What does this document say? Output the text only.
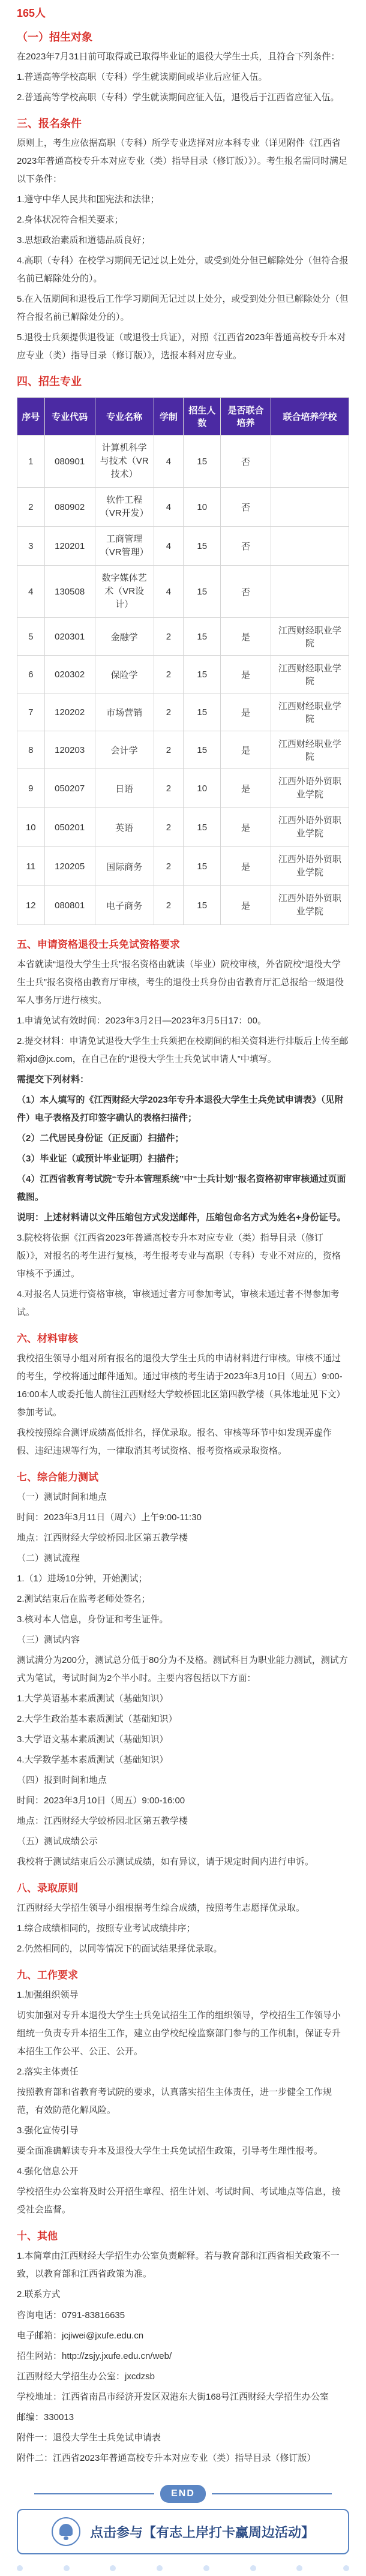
165人
（一）招生对象

在2023年7月31日前可取得或已取得毕业证的退役大学生士兵，且符合下列条件：

1.普通高等学校高职（专科）学生就读期间或毕业后应征入伍。

2.普通高等学校高职（专科）学生就读期间应征入伍，退役后于江西省应征入伍。

三、报名条件

原则上，考生应依据高职（专科）所学专业选择对应本科专业（详见附件《江西省2023年普通高校专升本对应专业（类）指导目录（修订版）》）。考生报名需同时满足以下条件：

1.遵守中华人民共和国宪法和法律；

2.身体状况符合相关要求；

3.思想政治素质和道德品质良好；

4.高职（专科）在校学习期间无记过以上处分，或受到处分但已解除处分（但符合报名前已解除处分的）。

5.在入伍期间和退役后工作学习期间无记过以上处分，或受到处分但已解除处分（但符合报名前已解除处分的）。

5.退役士兵须提供退役证（或退役士兵证），对照《江西省2023年普通高校专升本对应专业（类）指导目录（修订版）》，选报本科对应专业。

四、招生专业
序号	专业代码	专业名称	学制	招生人数	是否联合培养	联合培养学校
1	080901	计算机科学与技术（VR技术）	4	15	否	
2	080902	软件工程（VR开发）	4	10	否	
3	120201	工商管理（VR管理）	4	15	否	
4	130508	数字媒体艺术（VR设计）	4	15	否	
5	020301	金融学	2	15	是	江西财经职业学院
6	020302	保险学	2	15	是	江西财经职业学院
7	120202	市场营销	2	15	是	江西财经职业学院
8	120203	会计学	2	15	是	江西财经职业学院
9	050207	日语	2	10	是	江西外语外贸职业学院
10	050201	英语	2	15	是	江西外语外贸职业学院
11	120205	国际商务	2	15	是	江西外语外贸职业学院
12	080801	电子商务	2	15	是	江西外语外贸职业学院
五、申请资格退役士兵免试资格要求

本省就读“退役大学生士兵”报名资格由就读（毕业）院校审核，外省院校“退役大学生士兵”报名资格由教育厅审核，考生的退役士兵身份由省教育厅汇总报给一级退役军人事务厅进行核实。

1.申请免试有效时间：2023年3月2日—2023年3月5日17：00。

2.提交材料：申请免试退役大学生士兵须把在校期间的相关资料进行排版后上传至邮箱xjd@jx.com，在自己在的“退役大学生士兵免试申请人”中填写。

需提交下列材料：

（1）本人填写的《江西财经大学2023年专升本退役大学生士兵免试申请表》（见附件）电子表格及打印签字确认的表格扫描件；

（2）二代居民身份证（正反面）扫描件；

（3）毕业证（或预计毕业证明）扫描件；

（4）江西省教育考试院“专升本管理系统”中“士兵计划”报名资格初审审核通过页面截图。

说明：上述材料请以文件压缩包方式发送邮件，压缩包命名方式为姓名+身份证号。

3.院校将依据《江西省2023年普通高校专升本对应专业（类）指导目录（修订版）》，对报名的考生进行复核，考生报考专业与高职（专科）专业不对应的，资格审核不予通过。

4.对报名人员进行资格审核，审核通过者方可参加考试，审核未通过者不得参加考试。

六、材料审核

我校招生领导小组对所有报名的退役大学生士兵的申请材料进行审核。审核不通过的考生，学校将通过邮件通知。通过审核的考生请于2023年3月10日（周五）9:00-16:00本人或委托他人前往江西财经大学蛟桥园北区第四教学楼（具体地址见下文）参加考试。

我校按照综合测评成绩高低排名，择优录取。报名、审核等环节中如发现弄虚作假、违纪违规等行为，一律取消其考试资格、报考资格或录取资格。

七、综合能力测试

（一）测试时间和地点

时间：2023年3月11日（周六）上午9:00-11:30

地点：江西财经大学蛟桥园北区第五教学楼

（二）测试流程

1.（1）进场10分钟，开始测试；

2.测试结束后在监考老师处签名；

3.核对本人信息，身份证和考生证件。

（三）测试内容

测试满分为200分，测试总分低于80分为不及格。测试科目为职业能力测试，测试方式为笔试，考试时间为2个半小时。主要内容包括以下方面：

1.大学英语基本素质测试（基础知识）

2.大学生政治基本素质测试（基础知识）

3.大学语文基本素质测试（基础知识）

4.大学数学基本素质测试（基础知识）

（四）报到时间和地点

时间：2023年3月10日（周五）9:00-16:00

地点：江西财经大学蛟桥园北区第五教学楼

（五）测试成绩公示

我校将于测试结束后公示测试成绩，如有异议，请于规定时间内进行申诉。

八、录取原则

江西财经大学招生领导小组根据考生综合成绩，按照考生志愿择优录取。

1.综合成绩相同的，按照专业考试成绩排序；

2.仍然相同的，以同等情况下的面试结果择优录取。

九、工作要求

1.加强组织领导

切实加强对专升本退役大学生士兵免试招生工作的组织领导，学校招生工作领导小组统一负责专升本招生工作，建立由学校纪检监察部门参与的工作机制，保证专升本招生工作公平、公正、公开。

2.落实主体责任

按照教育部和省教育考试院的要求，认真落实招生主体责任，进一步健全工作规范，有效防范化解风险。

3.强化宣传引导

要全面准确解读专升本及退役大学生士兵免试招生政策，引导考生理性报考。

4.强化信息公开

学校招生办公室将及时公开招生章程、招生计划、考试时间、考试地点等信息，接受社会监督。

十、其他

1.本简章由江西财经大学招生办公室负责解释。若与教育部和江西省相关政策不一致，以教育部和江西省政策为准。

2.联系方式

咨询电话：0791-83816635
电子邮箱：jcjiwei@jxufe.edu.cn
招生网站：http://zsjy.jxufe.edu.cn/web/
江西财经大学招生办公室：jxcdzsb
学校地址：江西省南昌市经济开发区双港东大街168号江西财经大学招生办公室
邮编：330013
附件一：退役大学生士兵免试申请表
附件二：江西省2023年普通高校专升本对应专业（类）指导目录（修订版）
END
点击参与【有志上岸打卡赢周边活动】
